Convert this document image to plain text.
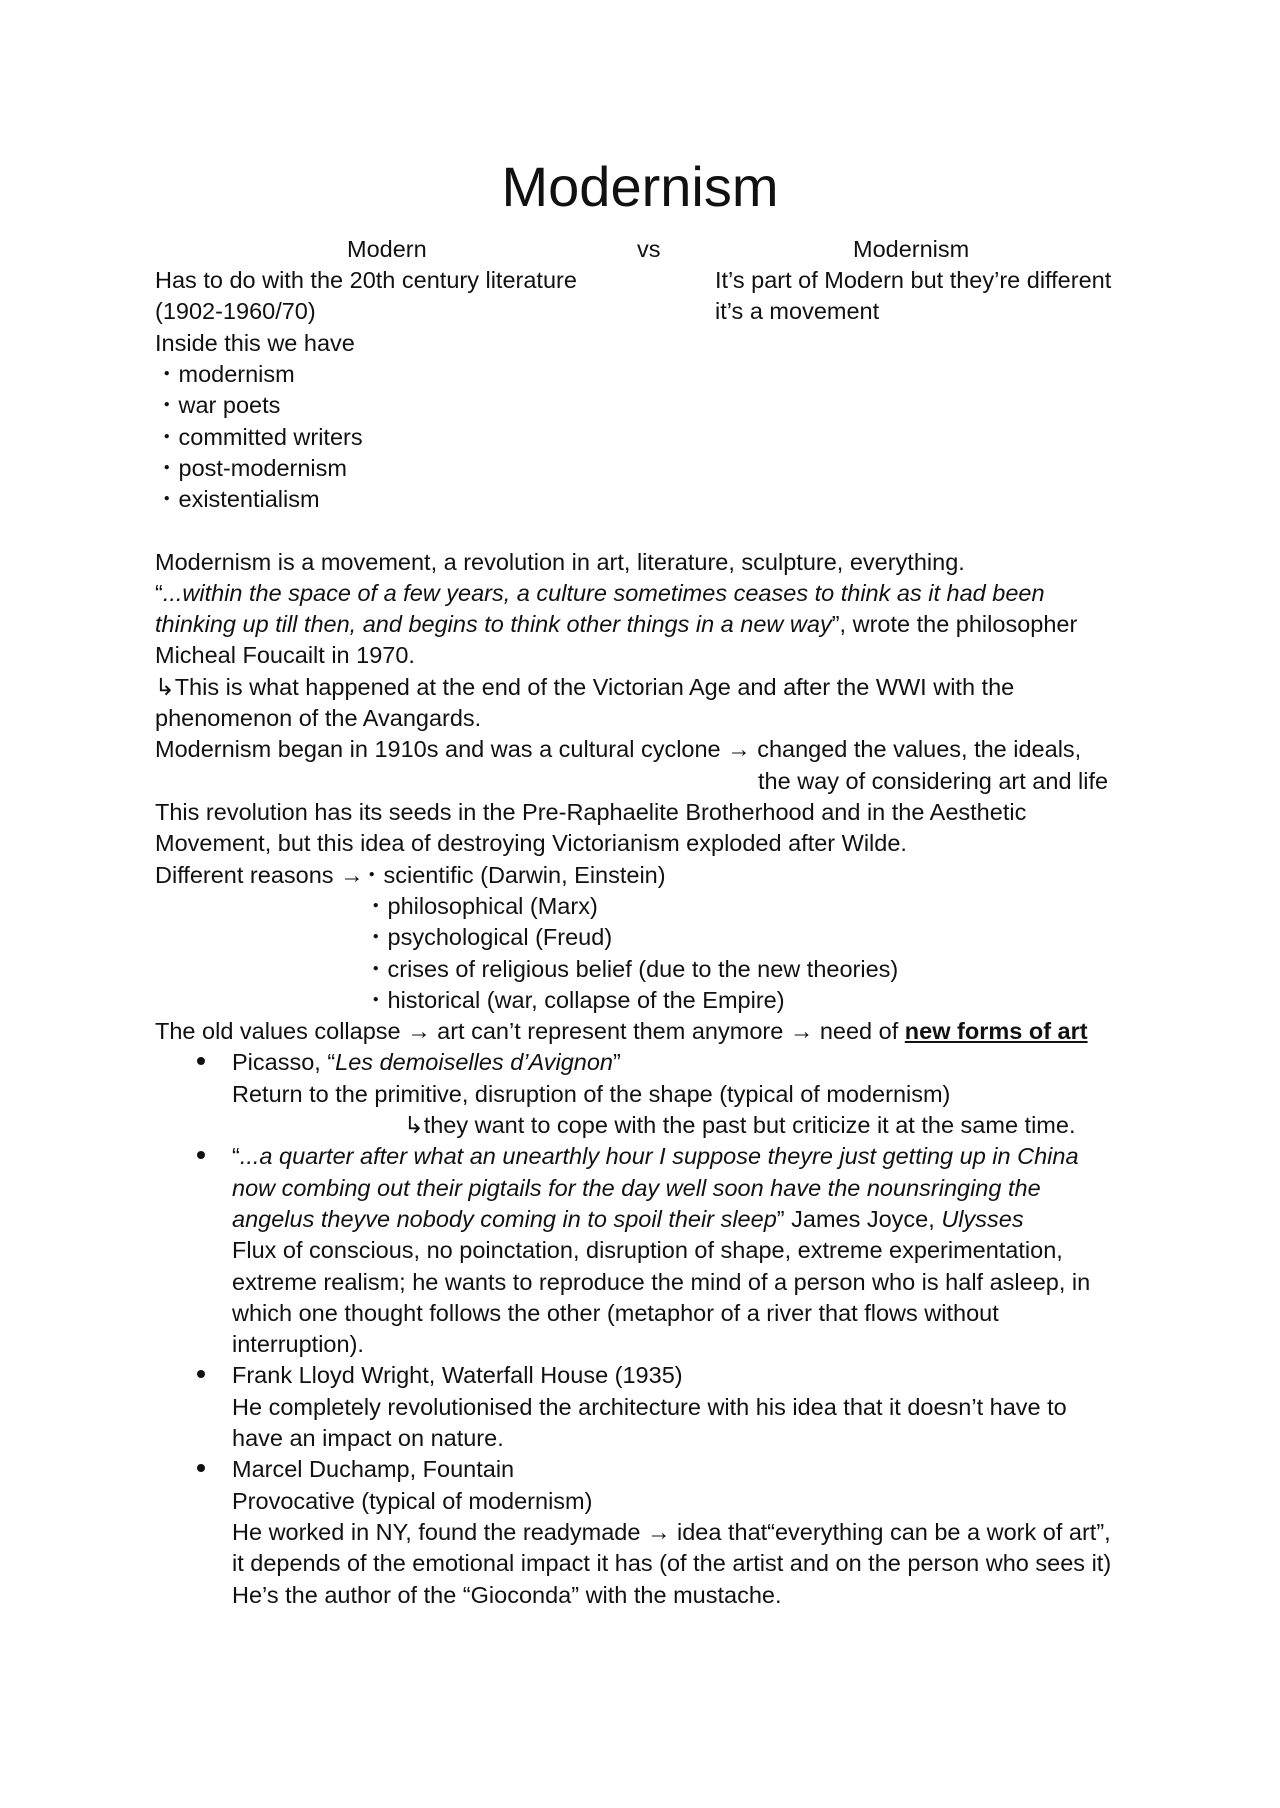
Modernism
Modern	vs	Modernism
Has to do with the 20th century literature
(1902-1960/70)
Inside this we have
・modernism
・war poets
・committed writers
・post-modernism
・existentialism
It’s part of Modern but they’re different
it’s a movement
Modernism is a movement, a revolution in art, literature, sculpture, everything.
“...within the space of a few years, a culture sometimes ceases to think as it had been
thinking up till then, and begins to think other things in a new way”, wrote the philosopher
Micheal Foucailt in 1970.
↳This is what happened at the end of the Victorian Age and after the WWI with the
phenomenon of the Avangards.
Modernism began in 1910s and was a cultural cyclone → changed the values, the ideals,
the way of considering art and life
This revolution has its seeds in the Pre-Raphaelite Brotherhood and in the Aesthetic
Movement, but this idea of destroying Victorianism exploded after Wilde.
Different reasons →
・scientific (Darwin, Einstein)
・philosophical (Marx)
・psychological (Freud)
・crises of religious belief (due to the new theories)
・historical (war, collapse of the Empire)
The old values collapse → art can’t represent them anymore → need of new forms of art
Picasso, “Les demoiselles d’Avignon”
Return to the primitive, disruption of the shape (typical of modernism)
↳they want to cope with the past but criticize it at the same time.
“...a quarter after what an unearthly hour I suppose theyre just getting up in China
now combing out their pigtails for the day well soon have the nounsringing the
angelus theyve nobody coming in to spoil their sleep” James Joyce, Ulysses
Flux of conscious, no poinctation, disruption of shape, extreme experimentation,
extreme realism; he wants to reproduce the mind of a person who is half asleep, in
which one thought follows the other (metaphor of a river that flows without
interruption).
Frank Lloyd Wright, Waterfall House (1935)
He completely revolutionised the architecture with his idea that it doesn’t have to
have an impact on nature.
Marcel Duchamp, Fountain
Provocative (typical of modernism)
He worked in NY, found the readymade → idea that“everything can be a work of art”,
it depends of the emotional impact it has (of the artist and on the person who sees it)
He’s the author of the “Gioconda” with the mustache.
